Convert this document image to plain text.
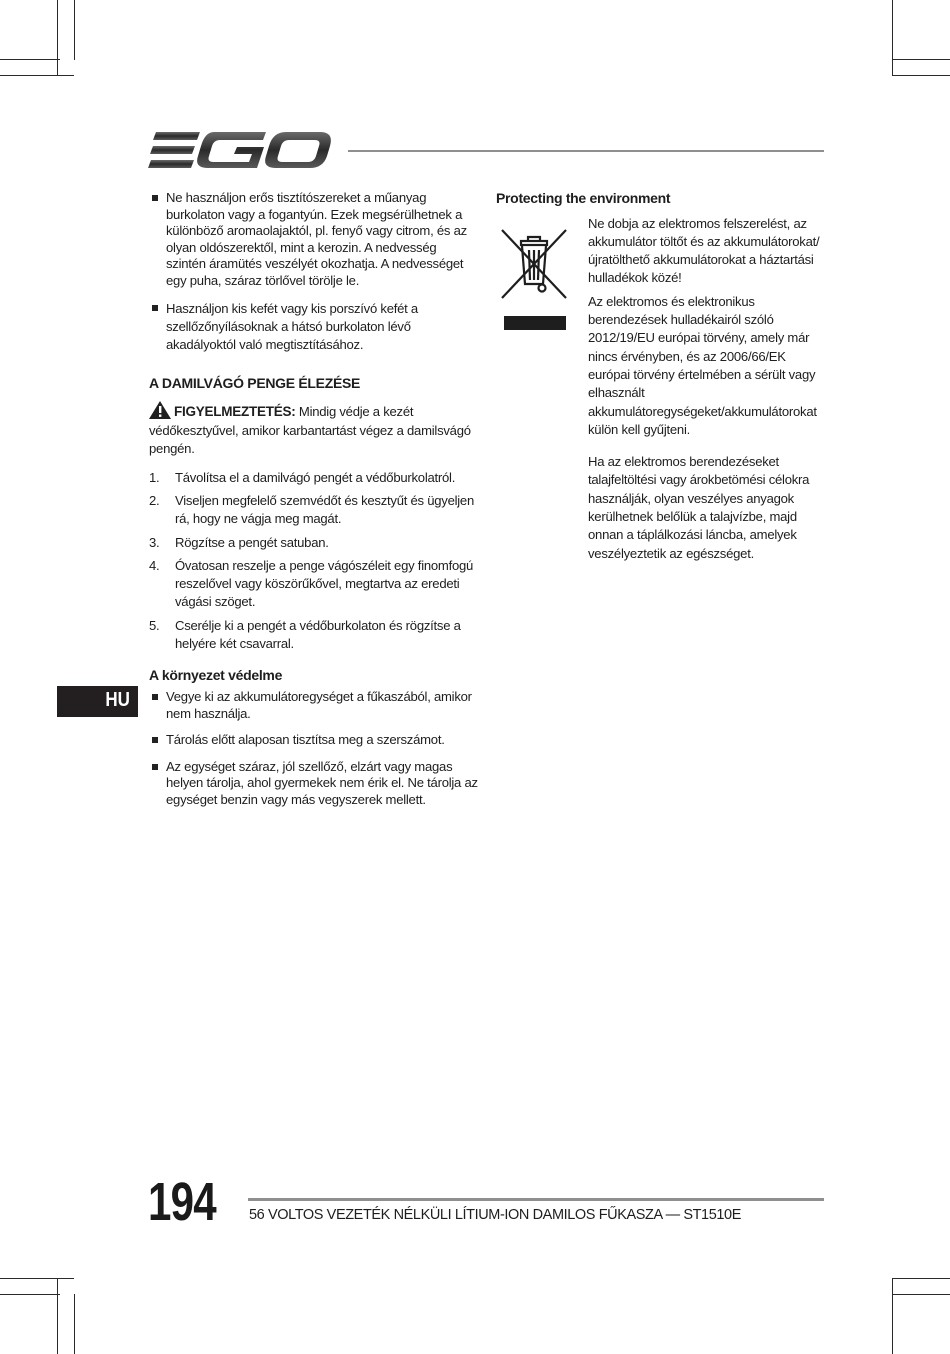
Ne használjon erős tisztítószereket a műanyag burkolaton vagy a fogantyún. Ezek megsérülhetnek a különböző aromaolajaktól, pl. fenyő vagy citrom, és az olyan oldószerektől, mint a kerozin. A nedvesség szintén áramütés veszélyét okozhatja. A nedvességet egy puha, száraz törlővel törölje le.

Használjon kis kefét vagy kis porszívó kefét a szellőzőnyílásoknak a hátsó burkolaton lévő akadályoktól való megtisztításához.

A DAMILVÁGÓ PENGE ÉLEZÉSE
FIGYELMEZTETÉS: Mindig védje a kezét védőkesztyűvel, amikor karbantartást végez a damilsvágó pengén.
1. Távolítsa el a damilvágó pengét a védőburkolatról.
2. Viseljen megfelelő szemvédőt és kesztyűt és ügyeljen rá, hogy ne vágja meg magát.
3. Rögzítse a pengét satuban.
4. Óvatosan reszelje a penge vágószéleit egy finomfogú reszelővel vagy köszörűkővel, megtartva az eredeti vágási szöget.
5. Cserélje ki a pengét a védőburkolaton és rögzítse a helyére két csavarral.
A környezet védelme

Vegye ki az akkumulátoregységet a fűkaszából, amikor nem használja.

Tárolás előtt alaposan tisztítsa meg a szerszámot.

Az egységet száraz, jól szellőző, elzárt vagy magas helyen tárolja, ahol gyermekek nem érik el. Ne tárolja az egységet benzin vagy más vegyszerek mellett.

Protecting the environment
Ne dobja az elektromos felszerelést, az akkumulátor töltőt és az akkumulátorokat/ újratölthető akkumulátorokat a háztartási hulladékok közé!
Az elektromos és elektronikus berendezések hulladékairól szóló 2012/19/EU európai törvény, amely már nincs érvényben, és az 2006/66/EK európai törvény értelmében a sérült vagy elhasznált akkumulátoregységeket/akkumulátorokat külön kell gyűjteni.
Ha az elektromos berendezéseket talajfeltöltési vagy árokbetömési célokra használják, olyan veszélyes anyagok kerülhetnek belőlük a talajvízbe, majd onnan a táplálkozási láncba, amelyek veszélyeztetik az egészséget.
HU
194 56 VOLTOS VEZETÉK NÉLKÜLI LÍTIUM-ION DAMILOS FŰKASZA — ST1510E
